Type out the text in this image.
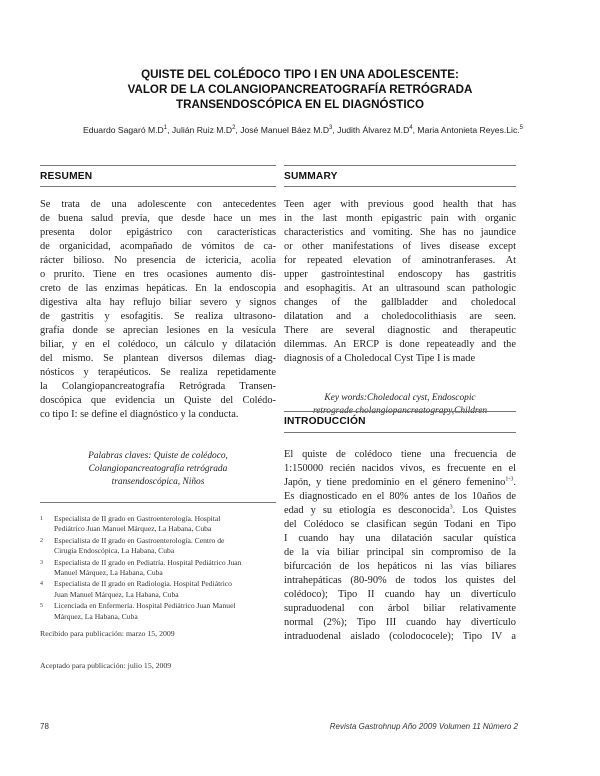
QUISTE DEL COLÉDOCO TIPO I EN UNA ADOLESCENTE:
VALOR DE LA COLANGIOPANCREATOGRAFÍA RETRÓGRADA
TRANSENDOSCÓPICA EN EL DIAGNÓSTICO
Eduardo Sagaró $M.D^1$, Julián Ruiz $M.D^2$, José Manuel Báez $M.D^3$, Judith Álvarez $M.D^4$, Maria Antonieta Reyes.Lic.$^5$
RESUMEN
Se trata de una adolescente con antecedentes
de buena salud previa, que desde hace un mes
presenta dolor epigástrico con características
de organicidad, acompañado de vómitos de ca-
rácter bilioso. No presencia de ictericia, acolia
o prurito. Tiene en tres ocasiones aumento dis-
creto de las enzimas hepáticas. En la endoscopia
digestiva alta hay reflujo biliar severo y signos
de gastritis y esofagitis. Se realiza ultrasono-
grafía donde se aprecian lesiones en la vesícula
biliar, y en el colédoco, un cálculo y dilatación
del mismo. Se plantean diversos dilemas diag-
nósticos y terapéuticos. Se realiza repetidamente
la Colangiopancreatografía Retrógrada Transen-
doscópica que evidencia un Quiste del Colédo-
co tipo I: se define el diagnóstico y la conducta.
Palabras claves: Quiste de colédoco,
Colangiopancreatografía retrógrada
transendoscópica, Niños
1 Especialista de II grado en Gastroenterología. Hospital
Pediátrico Juan Manuel Márquez, La Habana, Cuba
2 Especialista de II grado en Gastroenterología. Centro de
Cirugía Endoscópica, La Habana, Cuba
3 Especialista de II grado en Pediatría. Hospital Pediátrico Juan
Manuel Márquez, La Habana, Cuba
4 Especialista de II grado en Radiología. Hospital Pediátrico
Juan Manuel Márquez, La Habana, Cuba
5 Licenciada en Enfermería. Hospital Pediátrico Juan Manuel
Márquez, La Habana, Cuba
Recibido para publicación: marzo 15, 2009
Aceptado para publicación: julio 15, 2009
SUMMARY
Teen ager with previous good health that has
in the last month epigastric pain with organic
characteristics and vomiting. She has no jaundice
or other manifestations of lives disease except
for repeated elevation of aminotranferases. At
upper gastrointestinal endoscopy has gastritis
and esophagitis. At an ultrasound scan pathologic
changes of the gallbladder and choledocal
dilatation and a choledocolithiasis are seen.
There are several diagnostic and therapeutic
dilemmas. An ERCP is done repeateadly and the
diagnosis of a Choledocal Cyst Tipe I is made
Key words:Choledocal cyst, Endoscopic
retrograde cholangiopancreatograpy,Children
INTRODUCCIÓN
El quiste de colédoco tiene una frecuencia de
1:150000 recién nacidos vivos, es frecuente en el
Japón, y tiene predominio en el género femenino$^{1-3}$.
Es diagnosticado en el 80% antes de los 10años de
edad y su etiología es desconocida$^3$. Los Quistes
del Colédoco se clasifican según Todani en Tipo
I cuando hay una dilatación sacular quística
de la vía biliar principal sin compromiso de la
bifurcación de los hepáticos ni las vías biliares
intrahepáticas (80-90% de todos los quistes del
colédoco); Tipo II cuando hay un divertículo
supraduodenal con árbol biliar relativamente
normal (2%); Tipo III cuando hay divertículo
intraduodenal aislado (colodococele); Tipo IV a
78	Revista Gastrohnup Año 2009 Volumen 11 Número 2
